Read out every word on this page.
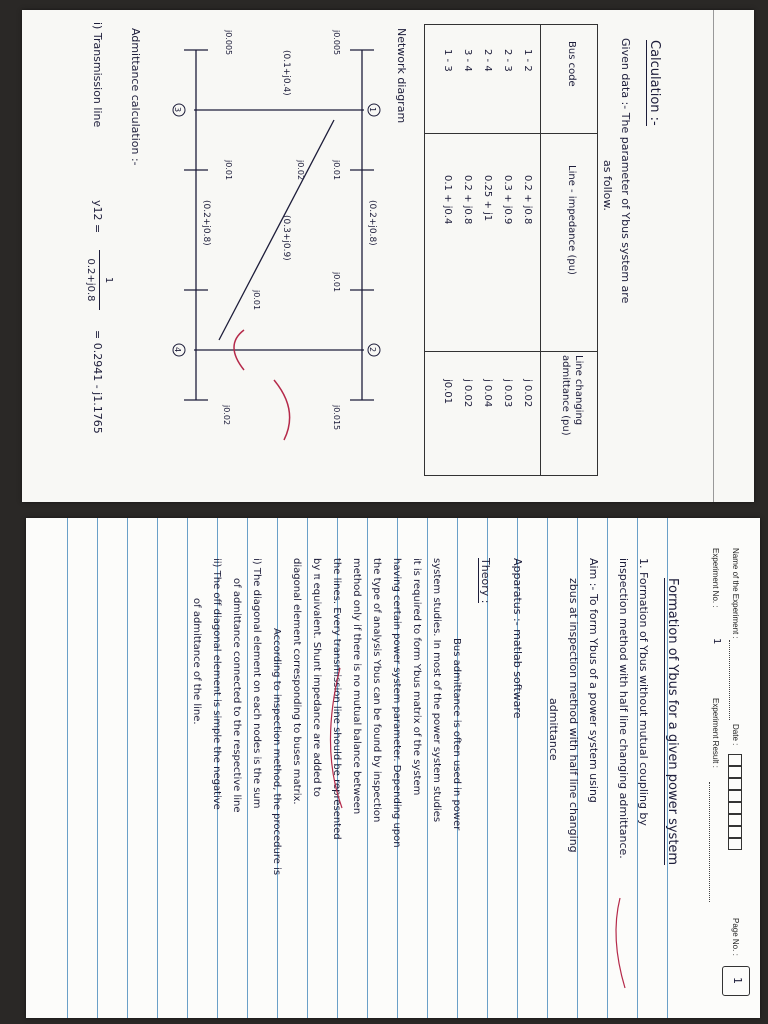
Calculation :-
Given data :- The parameter of Ybus system are
as follow.
Bus code
Line - impedance (pu)
Line changing admittance (pu)
1 - 2
2 - 3
2 - 4
3 - 4
1 - 3
0.2 + j0.8
0.3 + j0.9
0.25 + j1
0.2 + j0.8
0.1 + j0.4
j 0.02
j 0.03
j 0.04
j 0.02
j0.01
Network diagram
1
2
3
4
(0.1+j0.4)
(0.2+j0.8)
(0.3+j0.9)
(0.2+j0.8)
j0.005
j0.005
j0.01
j0.01
j0.02
j0.01
j0.015
j0.02
j0.01
Admittance calculation :-
i) Transmission line
y12 =
1
0.2+j0.8
= 0.2941 - j1.1765
Name of the Experiment :
Date :
Page No. :
1
Experiment No. :
1
Experiment Result :
Formation of Ybus for a given power system
1. Formation of Ybus without mutual coupling by
inspection method with half line changing admittance.
Aim :- To form Ybus of a power system using
zbus at inspection method with half line changing
admittance
Apparatus :- matlab software
Theory :
Bus admittance is often used in power
system studies. In most of the power system studies
it is required to form Ybus matrix of the system
having certain power system parameter. Depending upon
the type of analysis Ybus can be found by inspection
method only if there is no mutual balance between
the lines. Every transmission line should be represented
by π equivalent. Shunt impedance are added to
diagonal element corresponding to buses matrix.
According to inspection method, the procedure is
i) The diagonal element on each nodes is the sum
of admittance connected to the respective line
ii) The off diagonal element is simple the negative
of admittance of the line.
